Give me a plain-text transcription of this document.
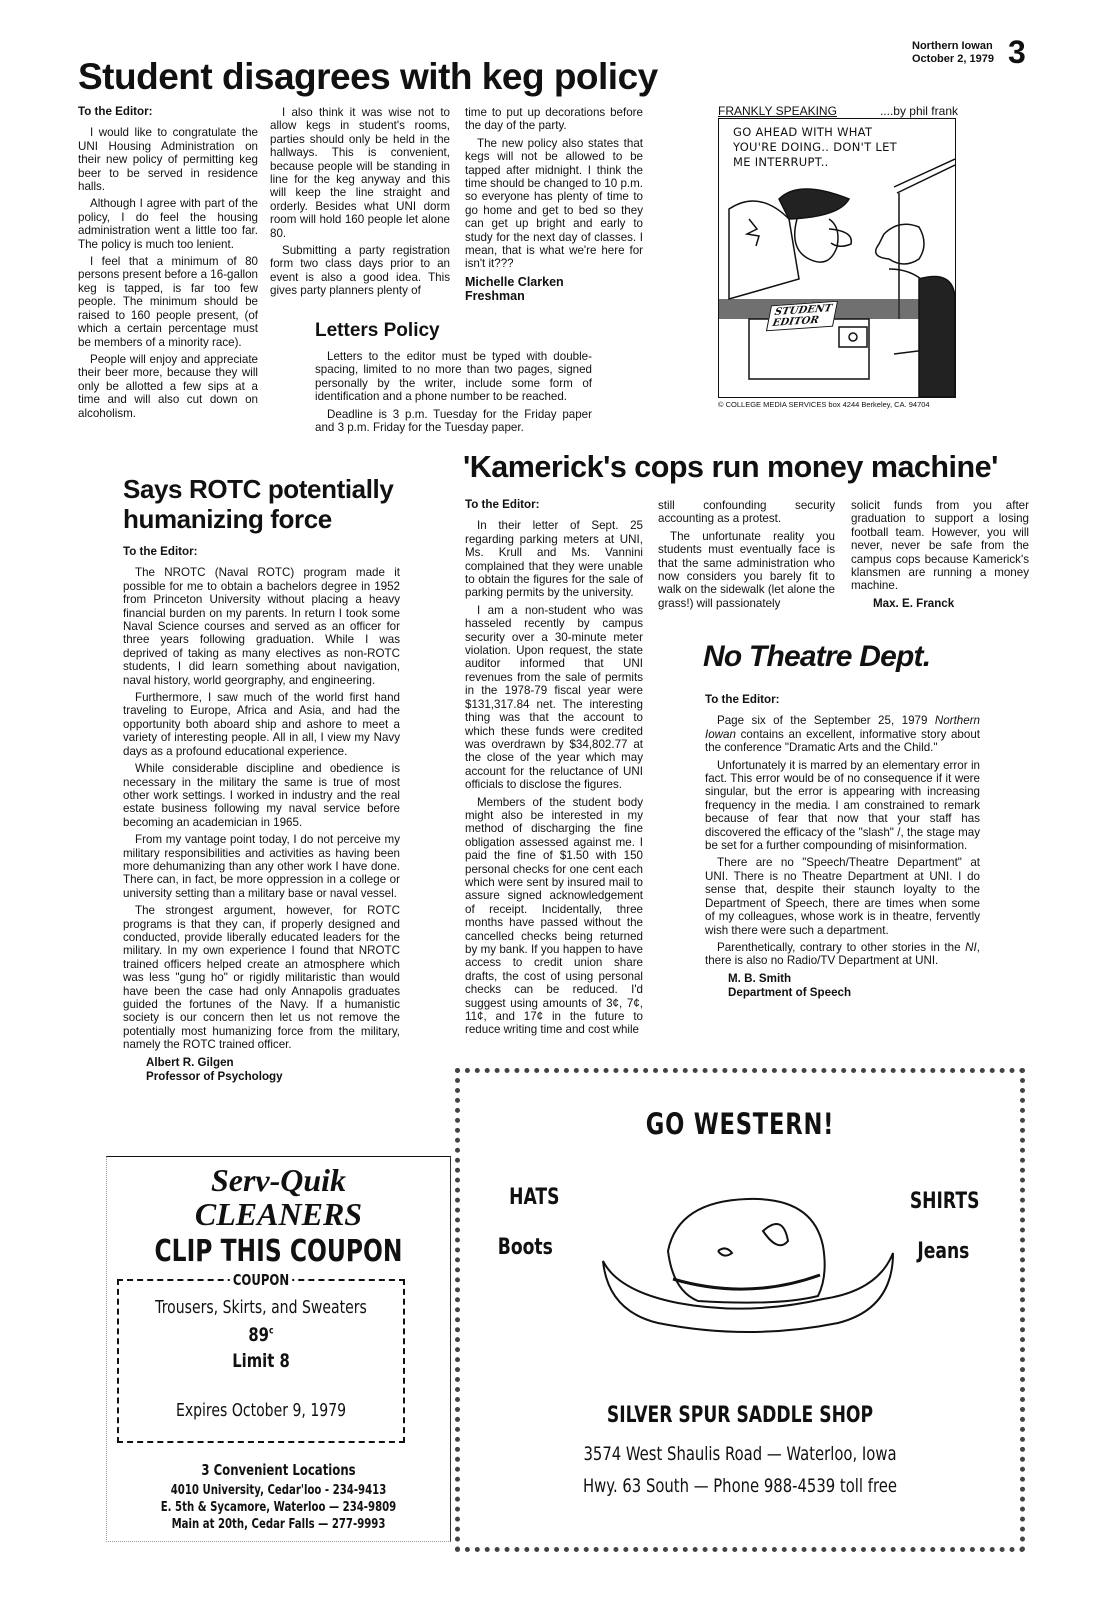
Northern Iowan
October 2, 1979 3
Student disagrees with keg policy
To the Editor:

I would like to congratulate the UNI Housing Administration on their new policy of permitting keg beer to be served in residence halls.

Although I agree with part of the policy, I do feel the housing administration went a little too far. The policy is much too lenient.

I feel that a minimum of 80 persons present before a 16-gallon keg is tapped, is far too few people. The minimum should be raised to 160 people present, (of which a certain percentage must be members of a minority race).

People will enjoy and appreciate their beer more, because they will only be allotted a few sips at a time and will also cut down on alcoholism.

I also think it was wise not to allow kegs in student's rooms, parties should only be held in the hallways. This is convenient, because people will be standing in line for the keg anyway and this will keep the line straight and orderly. Besides what UNI dorm room will hold 160 people let alone 80.

Submitting a party registration form two class days prior to an event is also a good idea. This gives party planners plenty of

time to put up decorations before the day of the party.

The new policy also states that kegs will not be allowed to be tapped after midnight. I think the time should be changed to 10 p.m. so everyone has plenty of time to go home and get to bed so they can get up bright and early to study for the next day of classes. I mean, that is what we're here for isn't it???

Michelle Clarken
Freshman
Letters Policy

Letters to the editor must be typed with double-spacing, limited to no more than two pages, signed personally by the writer, include some form of identification and a phone number to be reached.

Deadline is 3 p.m. Tuesday for the Friday paper and 3 p.m. Friday for the Tuesday paper.

FRANKLY SPEAKING	....by phil frank
GO AHEAD WITH WHAT
YOU'RE DOING.. DON'T LET
ME INTERRUPT..
STUDENT
EDITOR
© COLLEGE MEDIA SERVICES box 4244 Berkeley, CA. 94704
Says ROTC potentially
humanizing force
To the Editor:

The NROTC (Naval ROTC) program made it possible for me to obtain a bachelors degree in 1952 from Princeton University without placing a heavy financial burden on my parents. In return I took some Naval Science courses and served as an officer for three years following graduation. While I was deprived of taking as many electives as non-ROTC students, I did learn something about navigation, naval history, world georgraphy, and engineering.

Furthermore, I saw much of the world first hand traveling to Europe, Africa and Asia, and had the opportunity both aboard ship and ashore to meet a variety of interesting people. All in all, I view my Navy days as a profound educational experience.

While considerable discipline and obedience is necessary in the military the same is true of most other work settings. I worked in industry and the real estate business following my naval service before becoming an academician in 1965.

From my vantage point today, I do not perceive my military responsibilities and activities as having been more dehumanizing than any other work I have done. There can, in fact, be more oppression in a college or university setting than a military base or naval vessel.

The strongest argument, however, for ROTC programs is that they can, if properly designed and conducted, provide liberally educated leaders for the military. In my own experience I found that NROTC trained officers helped create an atmosphere which was less "gung ho" or rigidly militaristic than would have been the case had only Annapolis graduates guided the fortunes of the Navy. If a humanistic society is our concern then let us not remove the potentially most humanizing force from the military, namely the ROTC trained officer.

Albert R. Gilgen
Professor of Psychology
'Kamerick's cops run money machine'
To the Editor:

In their letter of Sept. 25 regarding parking meters at UNI, Ms. Krull and Ms. Vannini complained that they were unable to obtain the figures for the sale of parking permits by the university.

I am a non-student who was hasseled recently by campus security over a 30-minute meter violation. Upon request, the state auditor informed that UNI revenues from the sale of permits in the 1978-79 fiscal year were $131,317.84 net. The interesting thing was that the account to which these funds were credited was overdrawn by $34,802.77 at the close of the year which may account for the reluctance of UNI officials to disclose the figures.

Members of the student body might also be interested in my method of discharging the fine obligation assessed against me. I paid the fine of $1.50 with 150 personal checks for one cent each which were sent by insured mail to assure signed acknowledgement of receipt. Incidentally, three months have passed without the cancelled checks being returned by my bank. If you happen to have access to credit union share drafts, the cost of using personal checks can be reduced. I'd suggest using amounts of 3¢, 7¢, 11¢, and 17¢ in the future to reduce writing time and cost while

still confounding security accounting as a protest.

The unfortunate reality you students must eventually face is that the same administration who now considers you barely fit to walk on the sidewalk (let alone the grass!) will passionately

solicit funds from you after graduation to support a losing football team. However, you will never, never be safe from the campus cops because Kamerick's klansmen are running a money machine.

Max. E. Franck
No Theatre Dept.
To the Editor:

Page six of the September 25, 1979 Northern Iowan contains an excellent, informative story about the conference "Dramatic Arts and the Child."

Unfortunately it is marred by an elementary error in fact. This error would be of no consequence if it were singular, but the error is appearing with increasing frequency in the media. I am constrained to remark because of fear that now that your staff has discovered the efficacy of the "slash" /, the stage may be set for a further compounding of misinformation.

There are no "Speech/Theatre Department" at UNI. There is no Theatre Department at UNI. I do sense that, despite their staunch loyalty to the Department of Speech, there are times when some of my colleagues, whose work is in theatre, fervently wish there were such a department.

Parenthetically, contrary to other stories in the NI, there is also no Radio/TV Department at UNI.

M. B. Smith
Department of Speech
Serv-Quik
CLEANERS
CLIP THIS COUPON
COUPON
Trousers, Skirts, and Sweaters
89$^c$
Limit 8
Expires October 9, 1979
3 Convenient Locations
4010 University, Cedar'loo - 234-9413
E. 5th & Sycamore, Waterloo — 234-9809
Main at 20th, Cedar Falls — 277-9993
GO WESTERN!
HATS
Boots
SHIRTS
Jeans
SILVER SPUR SADDLE SHOP
3574 West Shaulis Road — Waterloo, Iowa
Hwy. 63 South — Phone 988-4539 toll free
